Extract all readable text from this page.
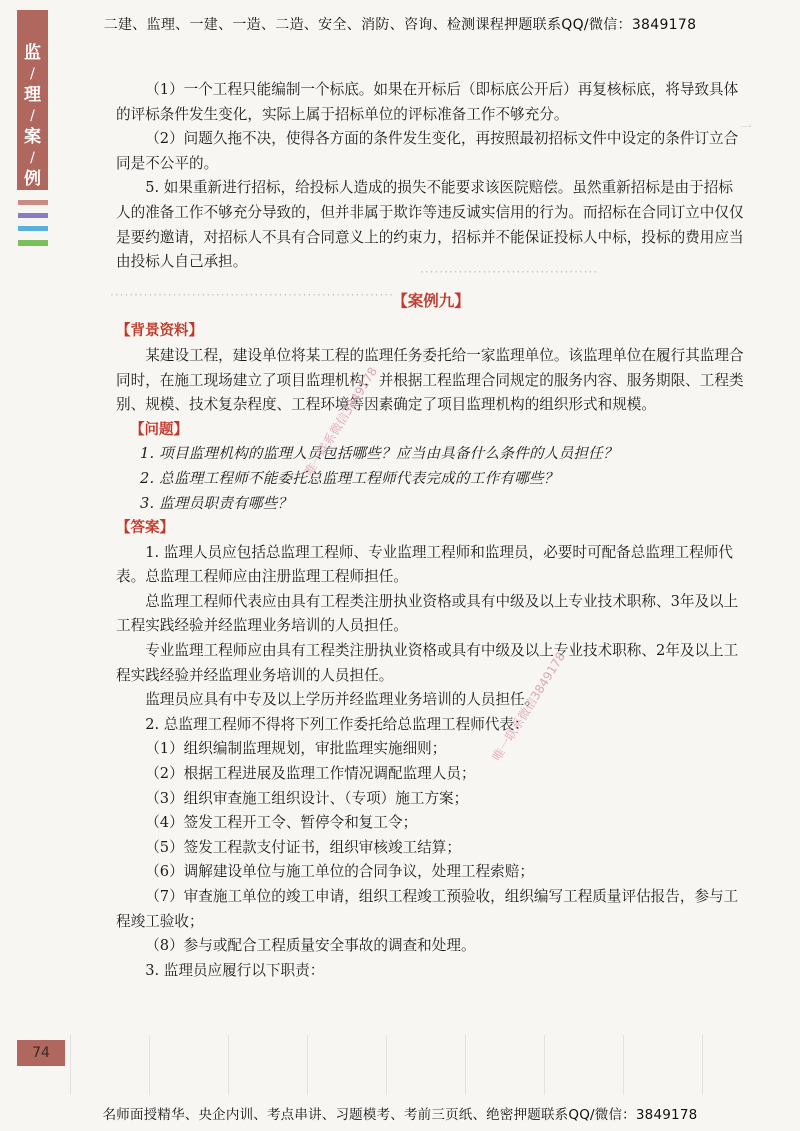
二建、监理、一建、一造、二造、安全、消防、咨询、检测课程押题联系QQ/微信：3849178
监
/
理
/
案
/
例
一
·····································
···························································

（1）一个工程只能编制一个标底。如果在开标后（即标底公开后）再复核标底，将导致具体的评标条件发生变化，实际上属于招标单位的评标准备工作不够充分。

（2）问题久拖不决，使得各方面的条件发生变化，再按照最初招标文件中设定的条件订立合同是不公平的。

5. 如果重新进行招标，给投标人造成的损失不能要求该医院赔偿。虽然重新招标是由于招标人的准备工作不够充分导致的，但并非属于欺诈等违反诚实信用的行为。而招标在合同订立中仅仅是要约邀请，对招标人不具有合同意义上的约束力，招标并不能保证投标人中标，投标的费用应当由投标人自己承担。

【案例九】

【背景资料】

某建设工程，建设单位将某工程的监理任务委托给一家监理单位。该监理单位在履行其监理合同时，在施工现场建立了项目监理机构，并根据工程监理合同规定的服务内容、服务期限、工程类别、规模、技术复杂程度、工程环境等因素确定了项目监理机构的组织形式和规模。

【问题】

1. 项目监理机构的监理人员包括哪些？应当由具备什么条件的人员担任？

2. 总监理工程师不能委托总监理工程师代表完成的工作有哪些？

3. 监理员职责有哪些？

【答案】

1. 监理人员应包括总监理工程师、专业监理工程师和监理员，必要时可配备总监理工程师代表。总监理工程师应由注册监理工程师担任。

总监理工程师代表应由具有工程类注册执业资格或具有中级及以上专业技术职称、3年及以上工程实践经验并经监理业务培训的人员担任。

专业监理工程师应由具有工程类注册执业资格或具有中级及以上专业技术职称、2年及以上工程实践经验并经监理业务培训的人员担任。

监理员应具有中专及以上学历并经监理业务培训的人员担任。

2. 总监理工程师不得将下列工作委托给总监理工程师代表：

（1）组织编制监理规划，审批监理实施细则；

（2）根据工程进展及监理工作情况调配监理人员；

（3）组织审查施工组织设计、（专项）施工方案；

（4）签发工程开工令、暂停令和复工令；

（5）签发工程款支付证书，组织审核竣工结算；

（6）调解建设单位与施工单位的合同争议，处理工程索赔；

（7）审查施工单位的竣工申请，组织工程竣工预验收，组织编写工程质量评估报告，参与工程竣工验收；

（8）参与或配合工程质量安全事故的调查和处理。

3. 监理员应履行以下职责：

唯一联系微信3849178
唯一联系微信3849178
74
名师面授精华、央企内训、考点串讲、习题模考、考前三页纸、绝密押题联系QQ/微信：3849178
